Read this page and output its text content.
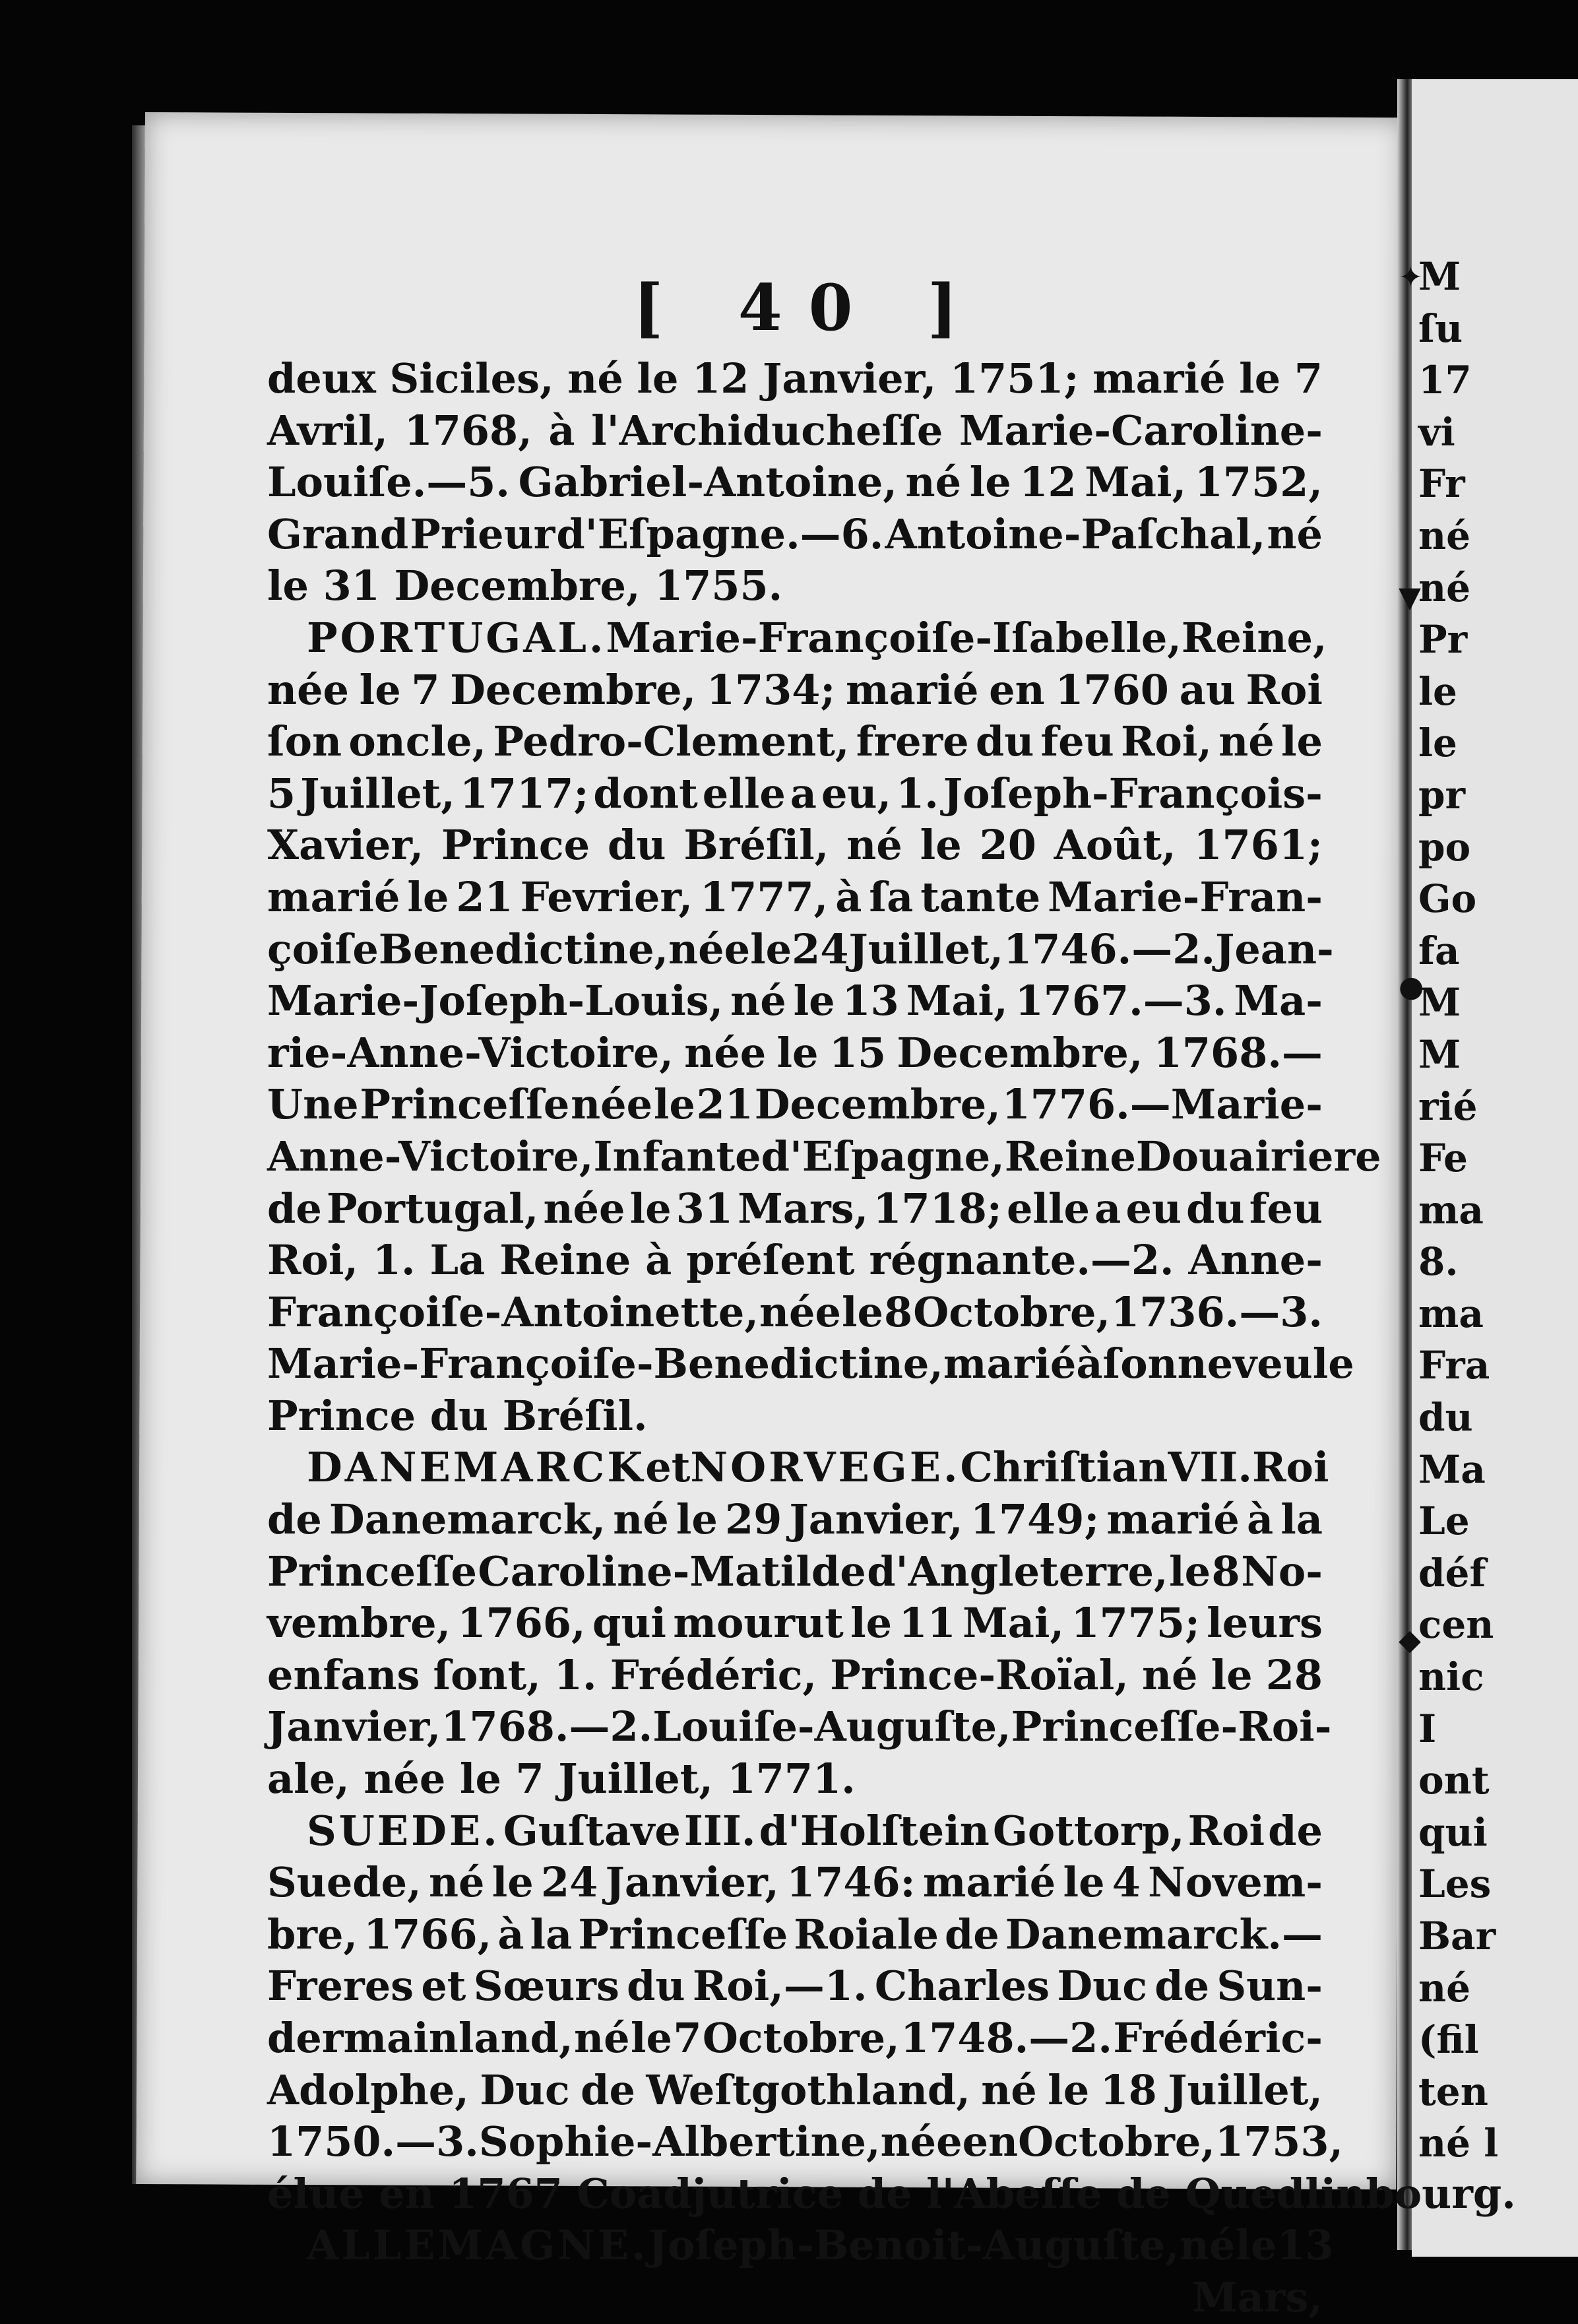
✦
▼
●
◆
[ 40 ]
deux Siciles, né le 12 Janvier, 1751; marié le 7
Avril, 1768, à l'Archiducheſſe Marie-Caroline-
Louiſe.—5. Gabriel-Antoine, né le 12 Mai, 1752,
Grand Prieur d'Eſpagne.—6. Antoine-Paſchal, né
le 31 Decembre, 1755.
PORTUGAL. Marie-Françoiſe-Iſabelle, Reine,
née le 7 Decembre, 1734; marié en 1760 au Roi
ſon oncle, Pedro-Clement, frere du feu Roi, né le
5 Juillet, 1717; dont elle a eu, 1. Joſeph-François-
Xavier, Prince du Bréſil, né le 20 Août, 1761;
marié le 21 Fevrier, 1777, à ſa tante Marie-Fran-
çoiſe Benedictine, née le 24 Juillet, 1746.—2. Jean-
Marie-Joſeph-Louis, né le 13 Mai, 1767.—3. Ma-
rie-Anne-Victoire, née le 15 Decembre, 1768.—
Une Princeſſe née le 21 Decembre, 1776.—Marie-
Anne-Victoire, Infante d'Eſpagne, Reine Douairiere
de Portugal, née le 31 Mars, 1718; elle a eu du feu
Roi, 1. La Reine à préſent régnante.—2. Anne-
Françoiſe-Antoinette, née le 8 Octobre, 1736.—3.
Marie-Françoiſe-Benedictine, marié à ſon neveu le
Prince du Bréſil.
DANEMARCK et NORVEGE. Chriſtian VII. Roi
de Danemarck, né le 29 Janvier, 1749; marié à la
Princeſſe Caroline-Matilde d'Angleterre, le 8 No-
vembre, 1766, qui mourut le 11 Mai, 1775; leurs
enfans ſont, 1. Frédéric, Prince-Roïal, né le 28
Janvier, 1768.—2. Louiſe-Auguſte, Princeſſe-Roi-
ale, née le 7 Juillet, 1771.
SUEDE. Guſtave III. d'Holſtein Gottorp, Roi de
Suede, né le 24 Janvier, 1746: marié le 4 Novem-
bre, 1766, à la Princeſſe Roiale de Danemarck.—
Freres et Sœurs du Roi,—1. Charles Duc de Sun-
dermainland, né le 7 Octobre, 1748.—2. Frédéric-
Adolphe, Duc de Weſtgothland, né le 18 Juillet,
1750.—3. Sophie-Albertine, née en Octobre, 1753,
élue en 1767 Coadjutrice de l'Abeſſe de Quedlinbourg.
ALLEMAGNE. Joſeph-Benoit-Auguſte, né le 13
Mars,
M
ſu
17
vi
Fr
né
né
Pr
le
le
pr
po
Go
fa
M
M
rié
Fe
ma
8.
ma
Fra
du
Ma
Le
déf
cen
nic
I
ont
qui
Les
Bar
né
(fil
ten
né l
